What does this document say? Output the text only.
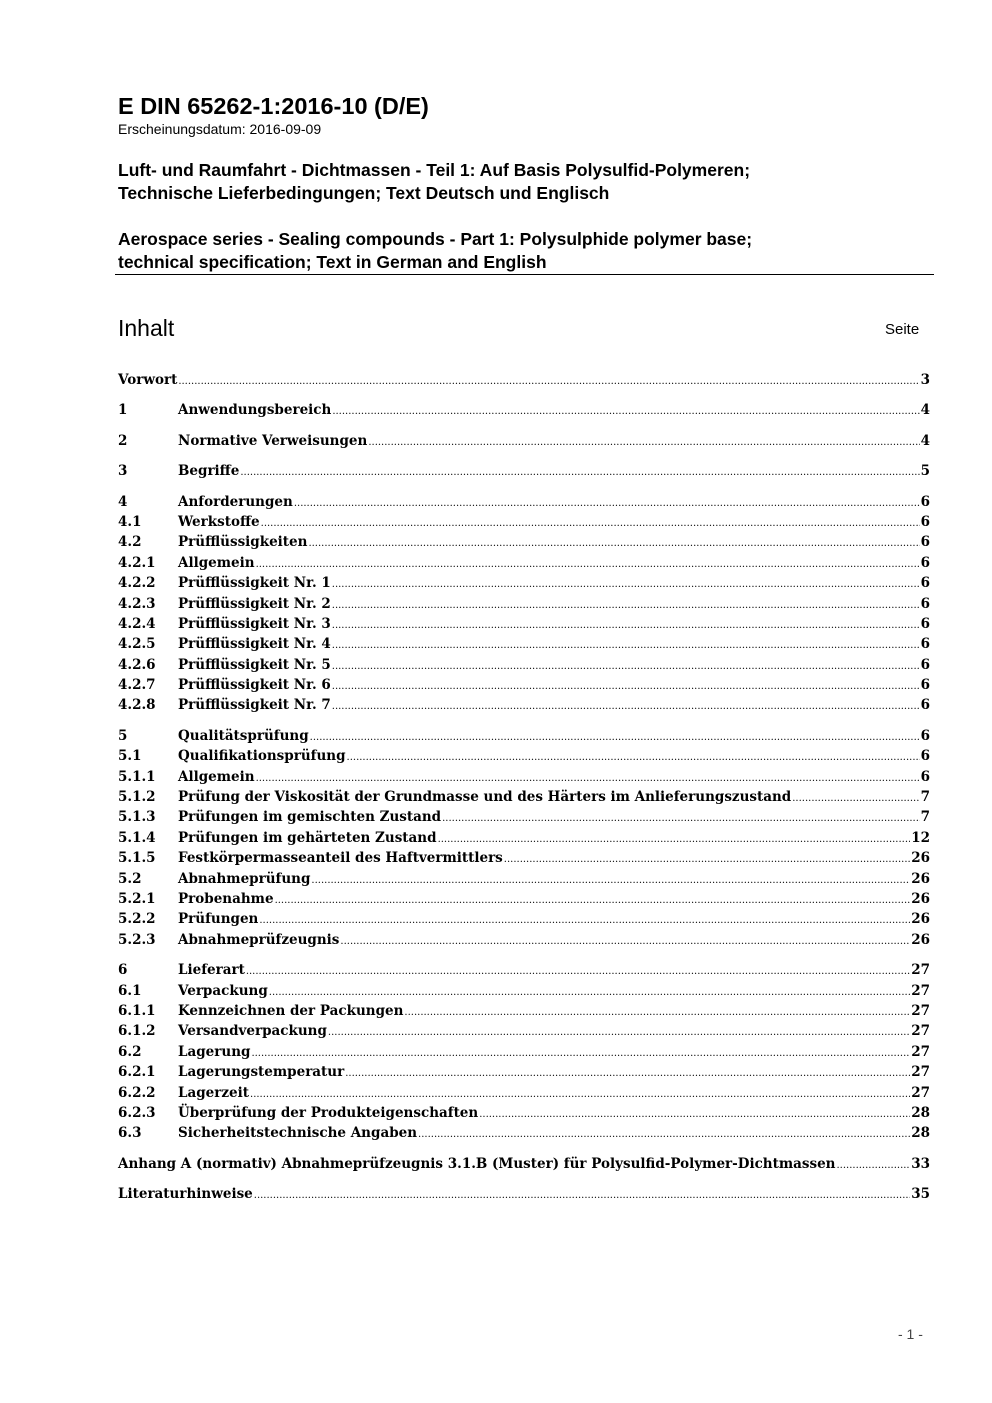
E DIN 65262-1:2016-10 (D/E)
Erscheinungsdatum: 2016-09-09
Luft- und Raumfahrt - Dichtmassen - Teil 1: Auf Basis Polysulfid-Polymeren;
Technische Lieferbedingungen; Text Deutsch und Englisch
Aerospace series - Sealing compounds - Part 1: Polysulphide polymer base;
technical specification; Text in German and English
Inhalt	Seite
Vorwort .....	3
1	Anwendungsbereich .....	4
2	Normative Verweisungen .....	4
3	Begriffe .....	5
4	Anforderungen .....	6
4.1	Werkstoffe .....	6
4.2	Prüfflüssigkeiten .....	6
4.2.1	Allgemein .....	6
4.2.2	Prüfflüssigkeit Nr. 1 .....	6
4.2.3	Prüfflüssigkeit Nr. 2 .....	6
4.2.4	Prüfflüssigkeit Nr. 3 .....	6
4.2.5	Prüfflüssigkeit Nr. 4 .....	6
4.2.6	Prüfflüssigkeit Nr. 5 .....	6
4.2.7	Prüfflüssigkeit Nr. 6 .....	6
4.2.8	Prüfflüssigkeit Nr. 7 .....	6
5	Qualitätsprüfung .....	6
5.1	Qualifikationsprüfung .....	6
5.1.1	Allgemein .....	6
5.1.2	Prüfung der Viskosität der Grundmasse und des Härters im Anlieferungszustand .....	7
5.1.3	Prüfungen im gemischten Zustand .....	7
5.1.4	Prüfungen im gehärteten Zustand .....	12
5.1.5	Festkörpermasseanteil des Haftvermittlers .....	26
5.2	Abnahmeprüfung .....	26
5.2.1	Probenahme .....	26
5.2.2	Prüfungen .....	26
5.2.3	Abnahmeprüfzeugnis .....	26
6	Lieferart .....	27
6.1	Verpackung .....	27
6.1.1	Kennzeichnen der Packungen .....	27
6.1.2	Versandverpackung .....	27
6.2	Lagerung .....	27
6.2.1	Lagerungstemperatur .....	27
6.2.2	Lagerzeit .....	27
6.2.3	Überprüfung der Produkteigenschaften .....	28
6.3	Sicherheitstechnische Angaben .....	28
Anhang A (normativ) Abnahmeprüfzeugnis 3.1.B (Muster) für Polysulfid-Polymer-Dichtmassen .....	33
Literaturhinweise .....	35
- 1 -
